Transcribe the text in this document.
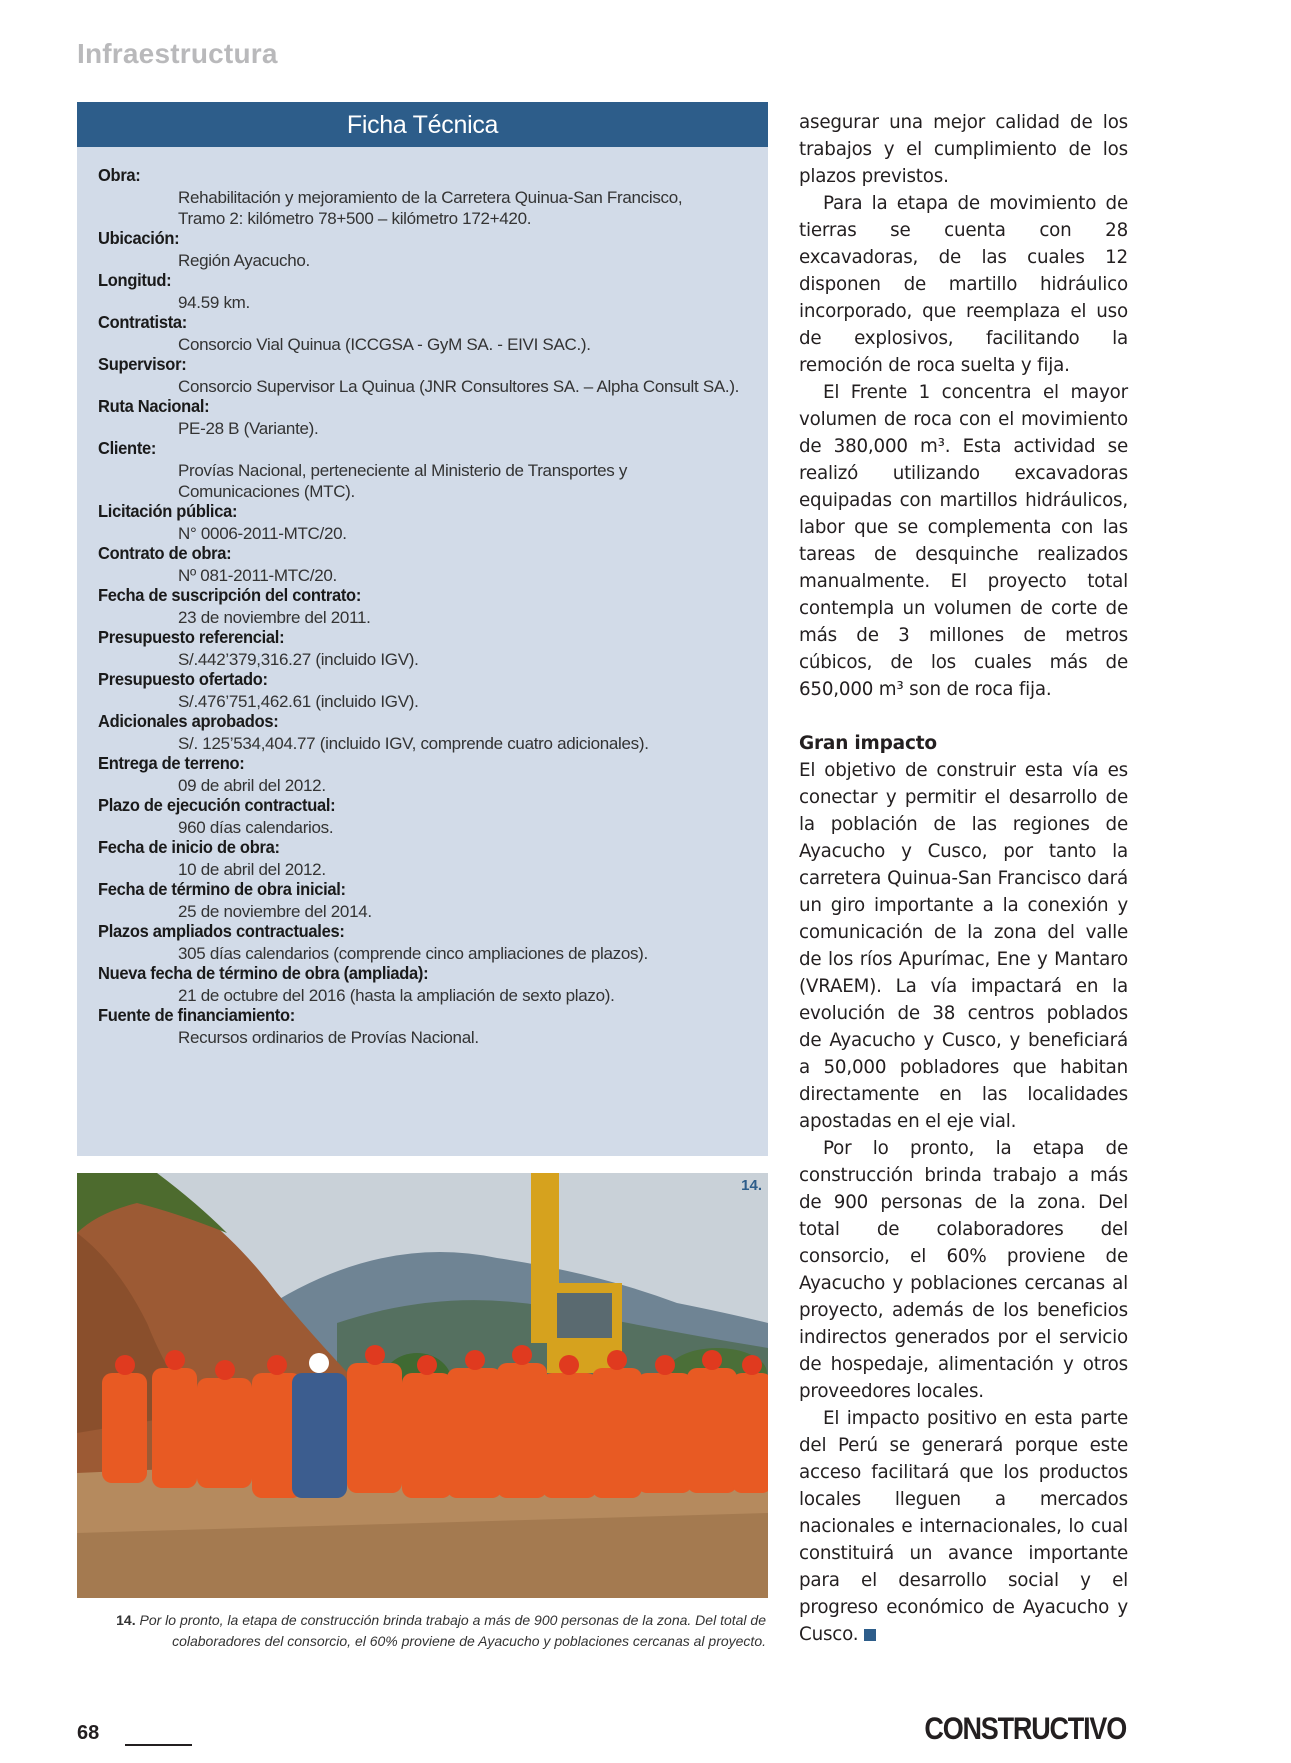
Infraestructura
Ficha Técnica
Obra:
Rehabilitación y mejoramiento de la Carretera Quinua-San Francisco,
Tramo 2: kilómetro 78+500 – kilómetro 172+420.
Ubicación:
Región Ayacucho.
Longitud:
94.59 km.
Contratista:
Consorcio Vial Quinua (ICCGSA - GyM SA. - EIVI SAC.).
Supervisor:
Consorcio Supervisor La Quinua (JNR Consultores SA. – Alpha Consult SA.).
Ruta Nacional:
PE-28 B (Variante).
Cliente:
Provías Nacional, perteneciente al Ministerio de Transportes y
Comunicaciones (MTC).
Licitación pública:
N° 0006-2011-MTC/20.
Contrato de obra:
Nº 081-2011-MTC/20.
Fecha de suscripción del contrato:
23 de noviembre del 2011.
Presupuesto referencial:
S/.442’379,316.27 (incluido IGV).
Presupuesto ofertado:
S/.476’751,462.61 (incluido IGV).
Adicionales aprobados:
S/. 125’534,404.77 (incluido IGV, comprende cuatro adicionales).
Entrega de terreno:
09 de abril del 2012.
Plazo de ejecución contractual:
960 días calendarios.
Fecha de inicio de obra:
10 de abril del 2012.
Fecha de término de obra inicial:
25 de noviembre del 2014.
Plazos ampliados contractuales:
305 días calendarios (comprende cinco ampliaciones de plazos).
Nueva fecha de término de obra (ampliada):
21 de octubre del 2016 (hasta la ampliación de sexto plazo).
Fuente de financiamiento:
Recursos ordinarios de Provías Nacional.
14.
14. Por lo pronto, la etapa de construcción brinda trabajo a más de 900 personas de la zona. Del total de colaboradores del consorcio, el 60% proviene de Ayacucho y poblaciones cercanas al proyecto.

asegurar una mejor calidad de los trabajos y el cumplimiento de los plazos previstos.

Para la etapa de movimiento de tierras se cuenta con 28 excavadoras, de las cuales 12 disponen de martillo hidráulico incorporado, que reemplaza el uso de explosivos, facilitando la remoción de roca suelta y fija.

El Frente 1 concentra el mayor volumen de roca con el movimiento de 380,000 m³. Esta actividad se realizó utilizando excavadoras equipadas con martillos hidráulicos, labor que se complementa con las tareas de desquinche realizados manualmente. El proyecto total contempla un volumen de corte de más de 3 millones de metros cúbicos, de los cuales más de 650,000 m³ son de roca fija.

Gran impacto

El objetivo de construir esta vía es conectar y permitir el desarrollo de la población de las regiones de Ayacucho y Cusco, por tanto la carretera Quinua-San Francisco dará un giro importante a la conexión y comunicación de la zona del valle de los ríos Apurímac, Ene y Mantaro (VRAEM). La vía impactará en la evolución de 38 centros poblados de Ayacucho y Cusco, y beneficiará a 50,000 pobladores que habitan directamente en las localidades apostadas en el eje vial.

Por lo pronto, la etapa de construcción brinda trabajo a más de 900 personas de la zona. Del total de colaboradores del consorcio, el 60% proviene de Ayacucho y poblaciones cercanas al proyecto, además de los beneficios indirectos generados por el servicio de hospedaje, alimentación y otros proveedores locales.

El impacto positivo en esta parte del Perú se generará porque este acceso facilitará que los productos locales lleguen a mercados nacionales e internacionales, lo cual constituirá un avance importante para el desarrollo social y el progreso económico de Ayacucho y Cusco.

68	CONSTRUCTIVO
